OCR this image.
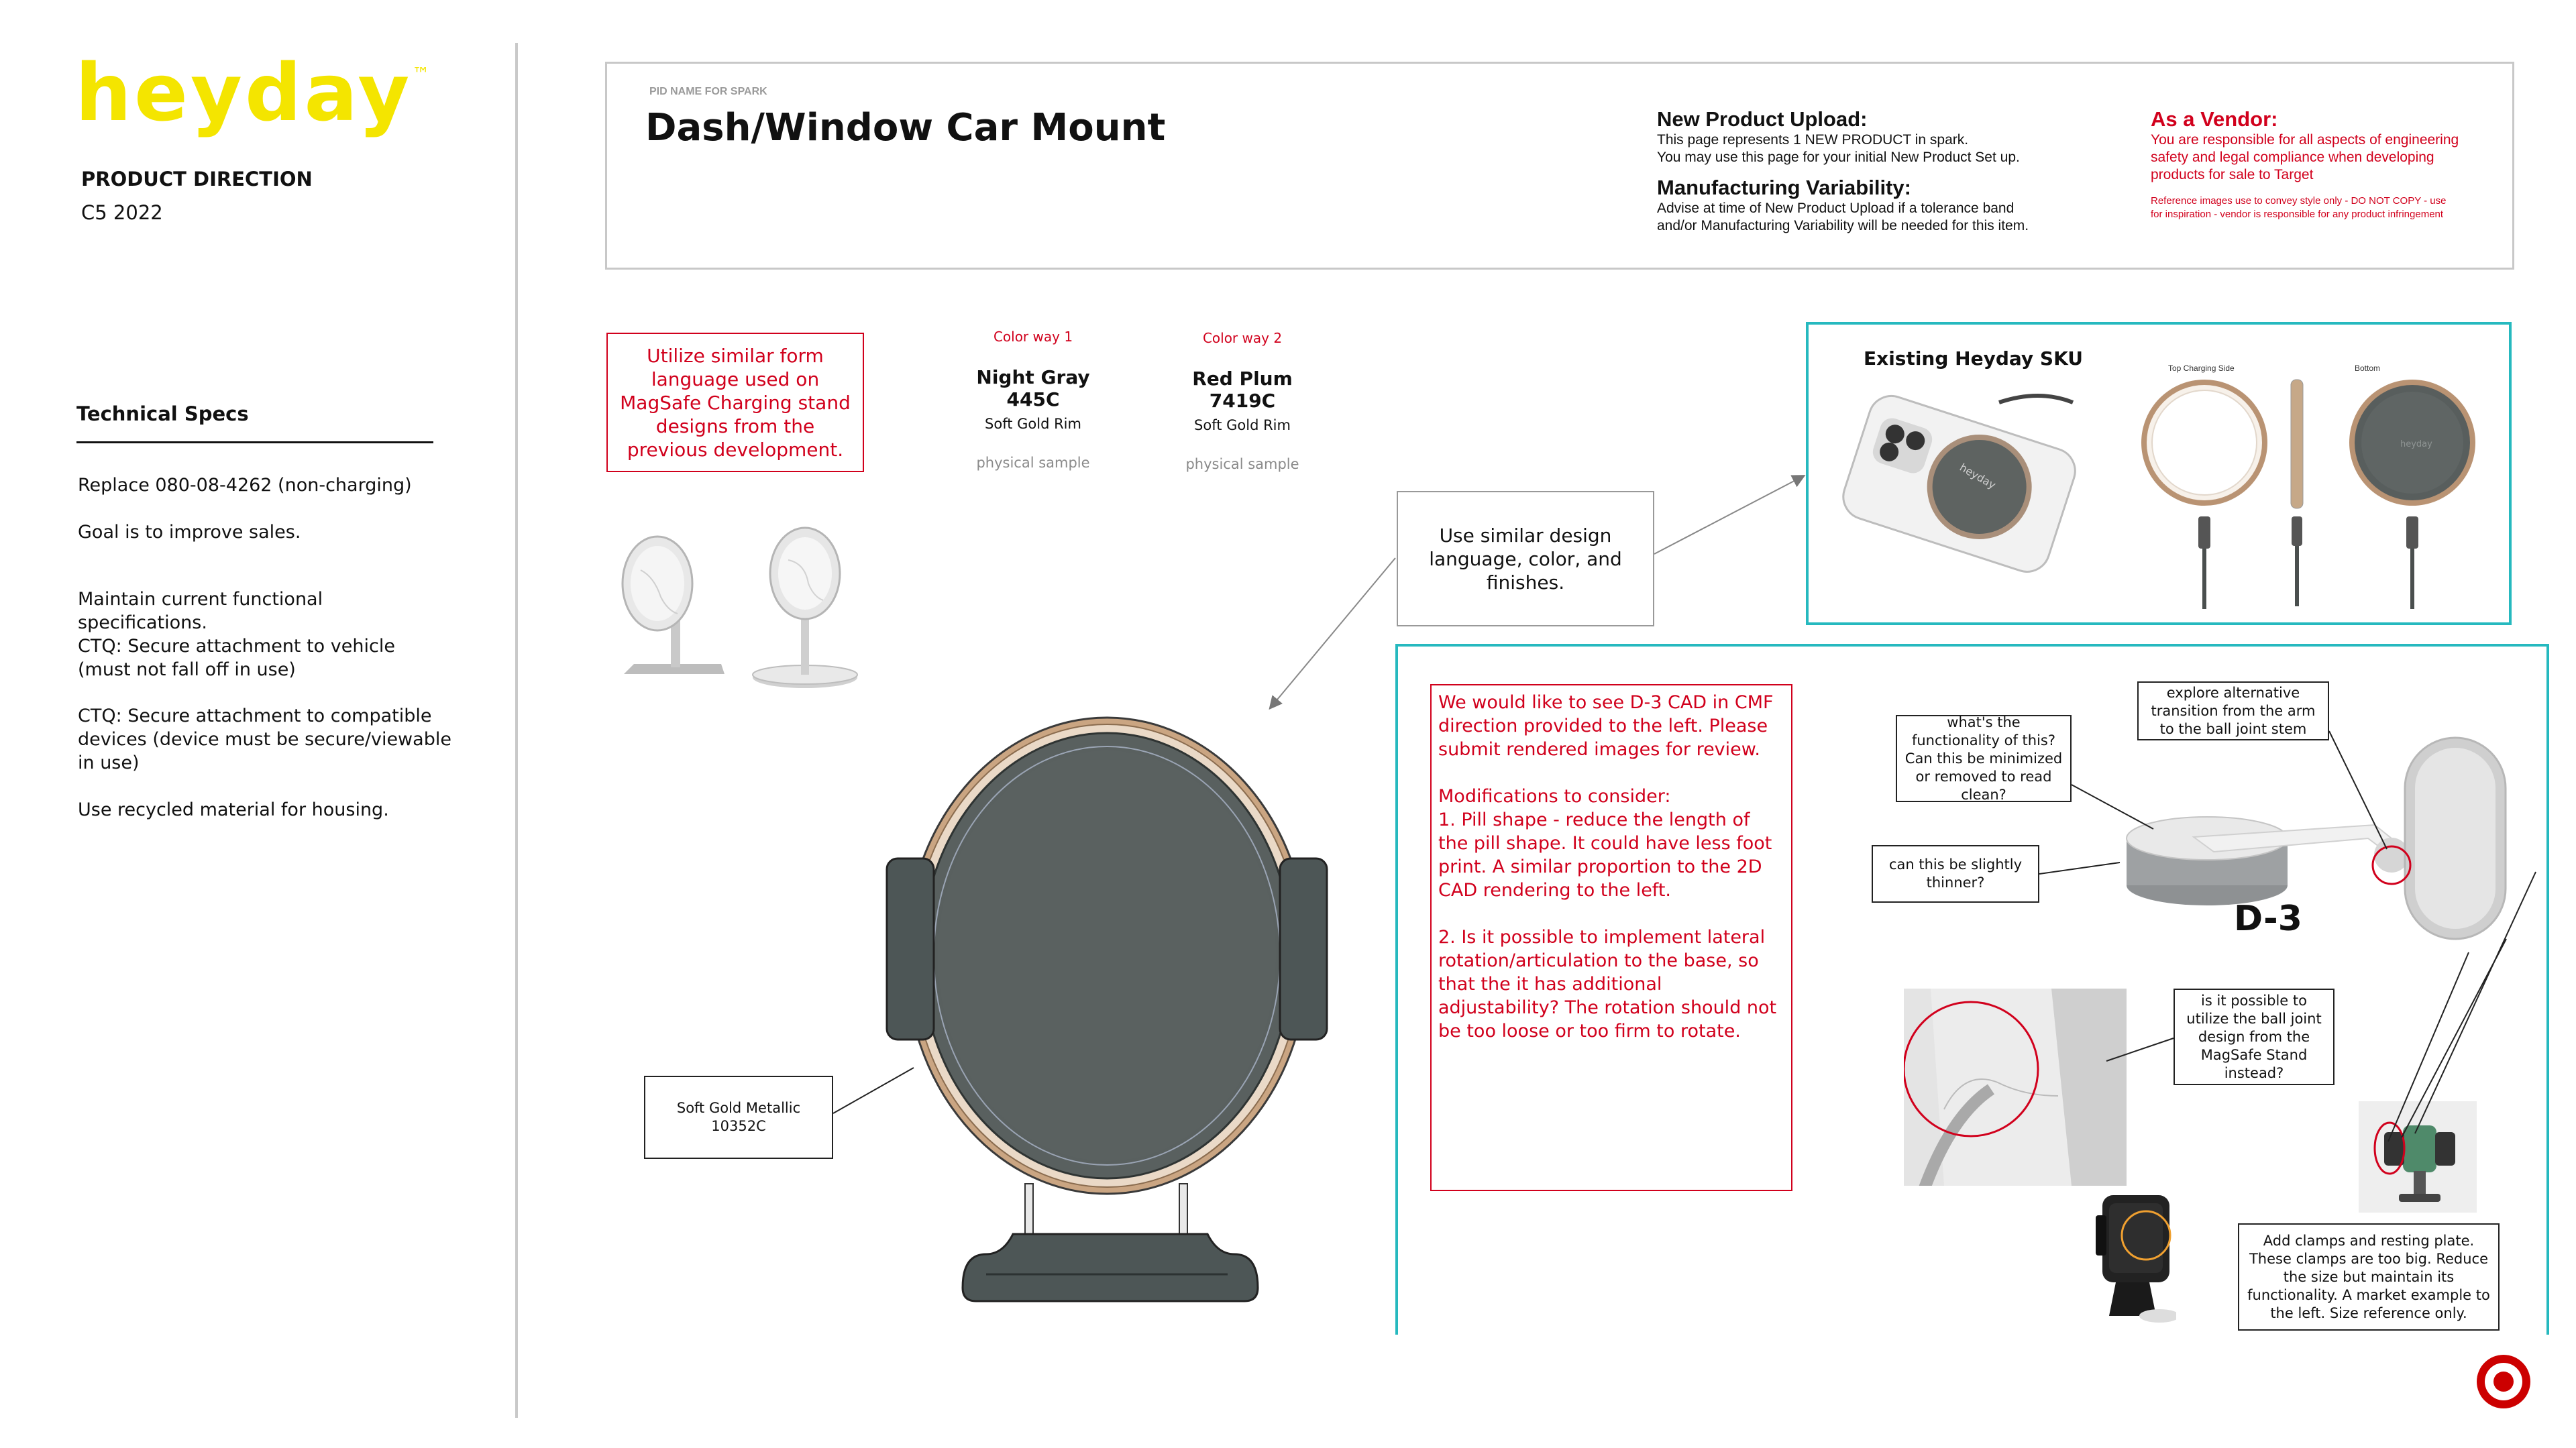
heyday™
PRODUCT DIRECTION
C5 2022
Technical Specs
Replace 080-08-4262 (non-charging)
Goal is to improve sales.
Maintain current functional specifications.
CTQ: Secure attachment to vehicle (must not fall off in use)
CTQ: Secure attachment to compatible devices (device must be secure/viewable in use)
Use recycled material for housing.
PID NAME FOR SPARK
Dash/Window Car Mount	New Product Upload:
This page represents 1 NEW PRODUCT in spark.
You may use this page for your initial New Product Set up.
Manufacturing Variability:
Advise at time of New Product Upload if a tolerance band
and/or Manufacturing Variability will be needed for this item.
As a Vendor:
You are responsible for all aspects of engineering
safety and legal compliance when developing
products for sale to Target
Reference images use to convey style only - DO NOT COPY - use
for inspiration - vendor is responsible for any product infringement
Utilize similar form language used on MagSafe Charging stand designs from the previous development.
Color way 1
Night Gray 445C
Soft Gold Rim
physical sample
Color way 2
Red Plum 7419C
Soft Gold Rim
physical sample
Soft Gold Metallic 10352C
Use similar design language, color, and finishes.
Existing Heyday SKU	Top Charging Side	Bottom
heyday
heyday
We would like to see D-3 CAD in CMF direction provided to the left. Please submit rendered images for review.
Modifications to consider:
1. Pill shape - reduce the length of the pill shape. It could have less foot print. A similar proportion to the 2D CAD rendering to the left.
2. Is it possible to implement lateral rotation/articulation to the base, so that the it has additional adjustability? The rotation should not be too loose or too firm to rotate.
D-3
explore alternative transition from the arm to the ball joint stem
what's the functionality of this? Can this be minimized or removed to read clean?
can this be slightly thinner?
is it possible to utilize the ball joint design from the MagSafe Stand instead?
Add clamps and resting plate. These clamps are too big. Reduce the size but maintain its functionality. A market example to the left. Size reference only.
